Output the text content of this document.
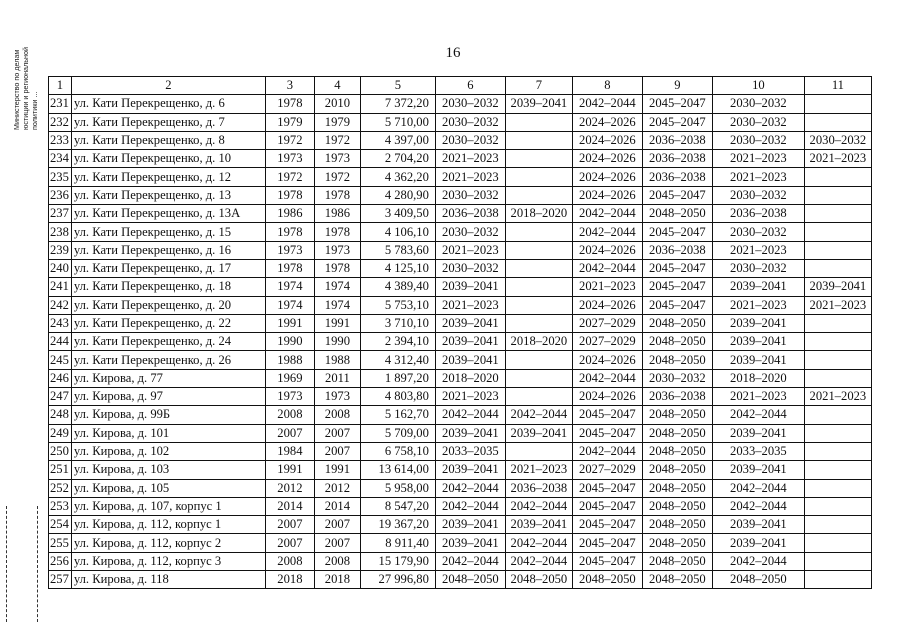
16
1	2	3	4	5	6	7	8	9	10	11
231	ул. Кати Перекрещенко, д. 6	1978	2010	7 372,20	2030–2032	2039–2041	2042–2044	2045–2047	2030–2032	
232	ул. Кати Перекрещенко, д. 7	1979	1979	5 710,00	2030–2032		2024–2026	2045–2047	2030–2032	
233	ул. Кати Перекрещенко, д. 8	1972	1972	4 397,00	2030–2032		2024–2026	2036–2038	2030–2032	2030–2032
234	ул. Кати Перекрещенко, д. 10	1973	1973	2 704,20	2021–2023		2024–2026	2036–2038	2021–2023	2021–2023
235	ул. Кати Перекрещенко, д. 12	1972	1972	4 362,20	2021–2023		2024–2026	2036–2038	2021–2023	
236	ул. Кати Перекрещенко, д. 13	1978	1978	4 280,90	2030–2032		2024–2026	2045–2047	2030–2032	
237	ул. Кати Перекрещенко, д. 13А	1986	1986	3 409,50	2036–2038	2018–2020	2042–2044	2048–2050	2036–2038	
238	ул. Кати Перекрещенко, д. 15	1978	1978	4 106,10	2030–2032		2042–2044	2045–2047	2030–2032	
239	ул. Кати Перекрещенко, д. 16	1973	1973	5 783,60	2021–2023		2024–2026	2036–2038	2021–2023	
240	ул. Кати Перекрещенко, д. 17	1978	1978	4 125,10	2030–2032		2042–2044	2045–2047	2030–2032	
241	ул. Кати Перекрещенко, д. 18	1974	1974	4 389,40	2039–2041		2021–2023	2045–2047	2039–2041	2039–2041
242	ул. Кати Перекрещенко, д. 20	1974	1974	5 753,10	2021–2023		2024–2026	2045–2047	2021–2023	2021–2023
243	ул. Кати Перекрещенко, д. 22	1991	1991	3 710,10	2039–2041		2027–2029	2048–2050	2039–2041	
244	ул. Кати Перекрещенко, д. 24	1990	1990	2 394,10	2039–2041	2018–2020	2027–2029	2048–2050	2039–2041	
245	ул. Кати Перекрещенко, д. 26	1988	1988	4 312,40	2039–2041		2024–2026	2048–2050	2039–2041	
246	ул. Кирова, д. 77	1969	2011	1 897,20	2018–2020		2042–2044	2030–2032	2018–2020	
247	ул. Кирова, д. 97	1973	1973	4 803,80	2021–2023		2024–2026	2036–2038	2021–2023	2021–2023
248	ул. Кирова, д. 99Б	2008	2008	5 162,70	2042–2044	2042–2044	2045–2047	2048–2050	2042–2044	
249	ул. Кирова, д. 101	2007	2007	5 709,00	2039–2041	2039–2041	2045–2047	2048–2050	2039–2041	
250	ул. Кирова, д. 102	1984	2007	6 758,10	2033–2035		2042–2044	2048–2050	2033–2035	
251	ул. Кирова, д. 103	1991	1991	13 614,00	2039–2041	2021–2023	2027–2029	2048–2050	2039–2041	
252	ул. Кирова, д. 105	2012	2012	5 958,00	2042–2044	2036–2038	2045–2047	2048–2050	2042–2044	
253	ул. Кирова, д. 107, корпус 1	2014	2014	8 547,20	2042–2044	2042–2044	2045–2047	2048–2050	2042–2044	
254	ул. Кирова, д. 112, корпус 1	2007	2007	19 367,20	2039–2041	2039–2041	2045–2047	2048–2050	2039–2041	
255	ул. Кирова, д. 112, корпус 2	2007	2007	8 911,40	2039–2041	2042–2044	2045–2047	2048–2050	2039–2041	
256	ул. Кирова, д. 112, корпус 3	2008	2008	15 179,90	2042–2044	2042–2044	2045–2047	2048–2050	2042–2044	
257	ул. Кирова, д. 118	2018	2018	27 996,80	2048–2050	2048–2050	2048–2050	2048–2050	2048–2050	
Министерство по делам юстиции и региональной политики ...
